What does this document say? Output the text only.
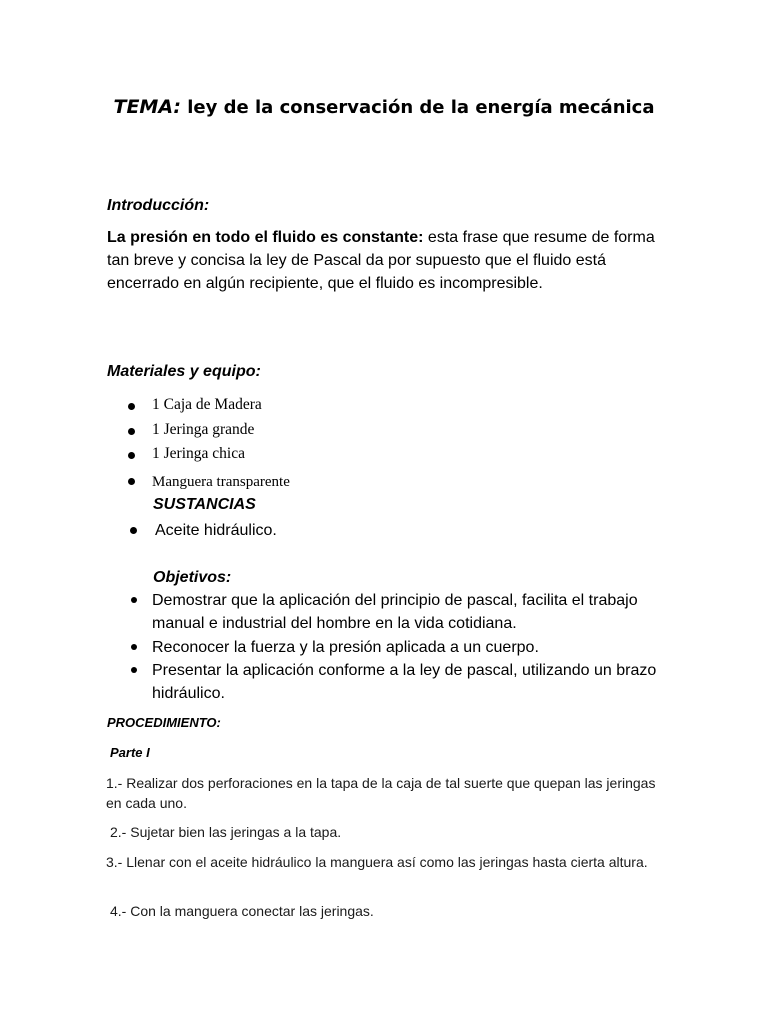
TEMA: ley de la conservación de la energía mecánica
Introducción:

La presión en todo el fluido es constante: esta frase que resume de forma tan breve y concisa la ley de Pascal da por supuesto que el fluido está encerrado en algún recipiente, que el fluido es incompresible.

Materiales y equipo:
1 Caja de Madera
1 Jeringa grande
1 Jeringa chica
Manguera transparente
SUSTANCIAS

Aceite hidráulico.

Objetivos:
Demostrar que la aplicación del principio de pascal, facilita el trabajo manual e industrial del hombre en la vida cotidiana.
Reconocer la fuerza y la presión aplicada a un cuerpo.
Presentar la aplicación conforme a la ley de pascal, utilizando un brazo hidráulico.
PROCEDIMIENTO:
Parte I

1.- Realizar dos perforaciones en la tapa de la caja de tal suerte que quepan las jeringas en cada uno.

2.- Sujetar bien las jeringas a la tapa.

3.- Llenar con el aceite hidráulico la manguera así como las jeringas hasta cierta altura.

4.- Con la manguera conectar las jeringas.
